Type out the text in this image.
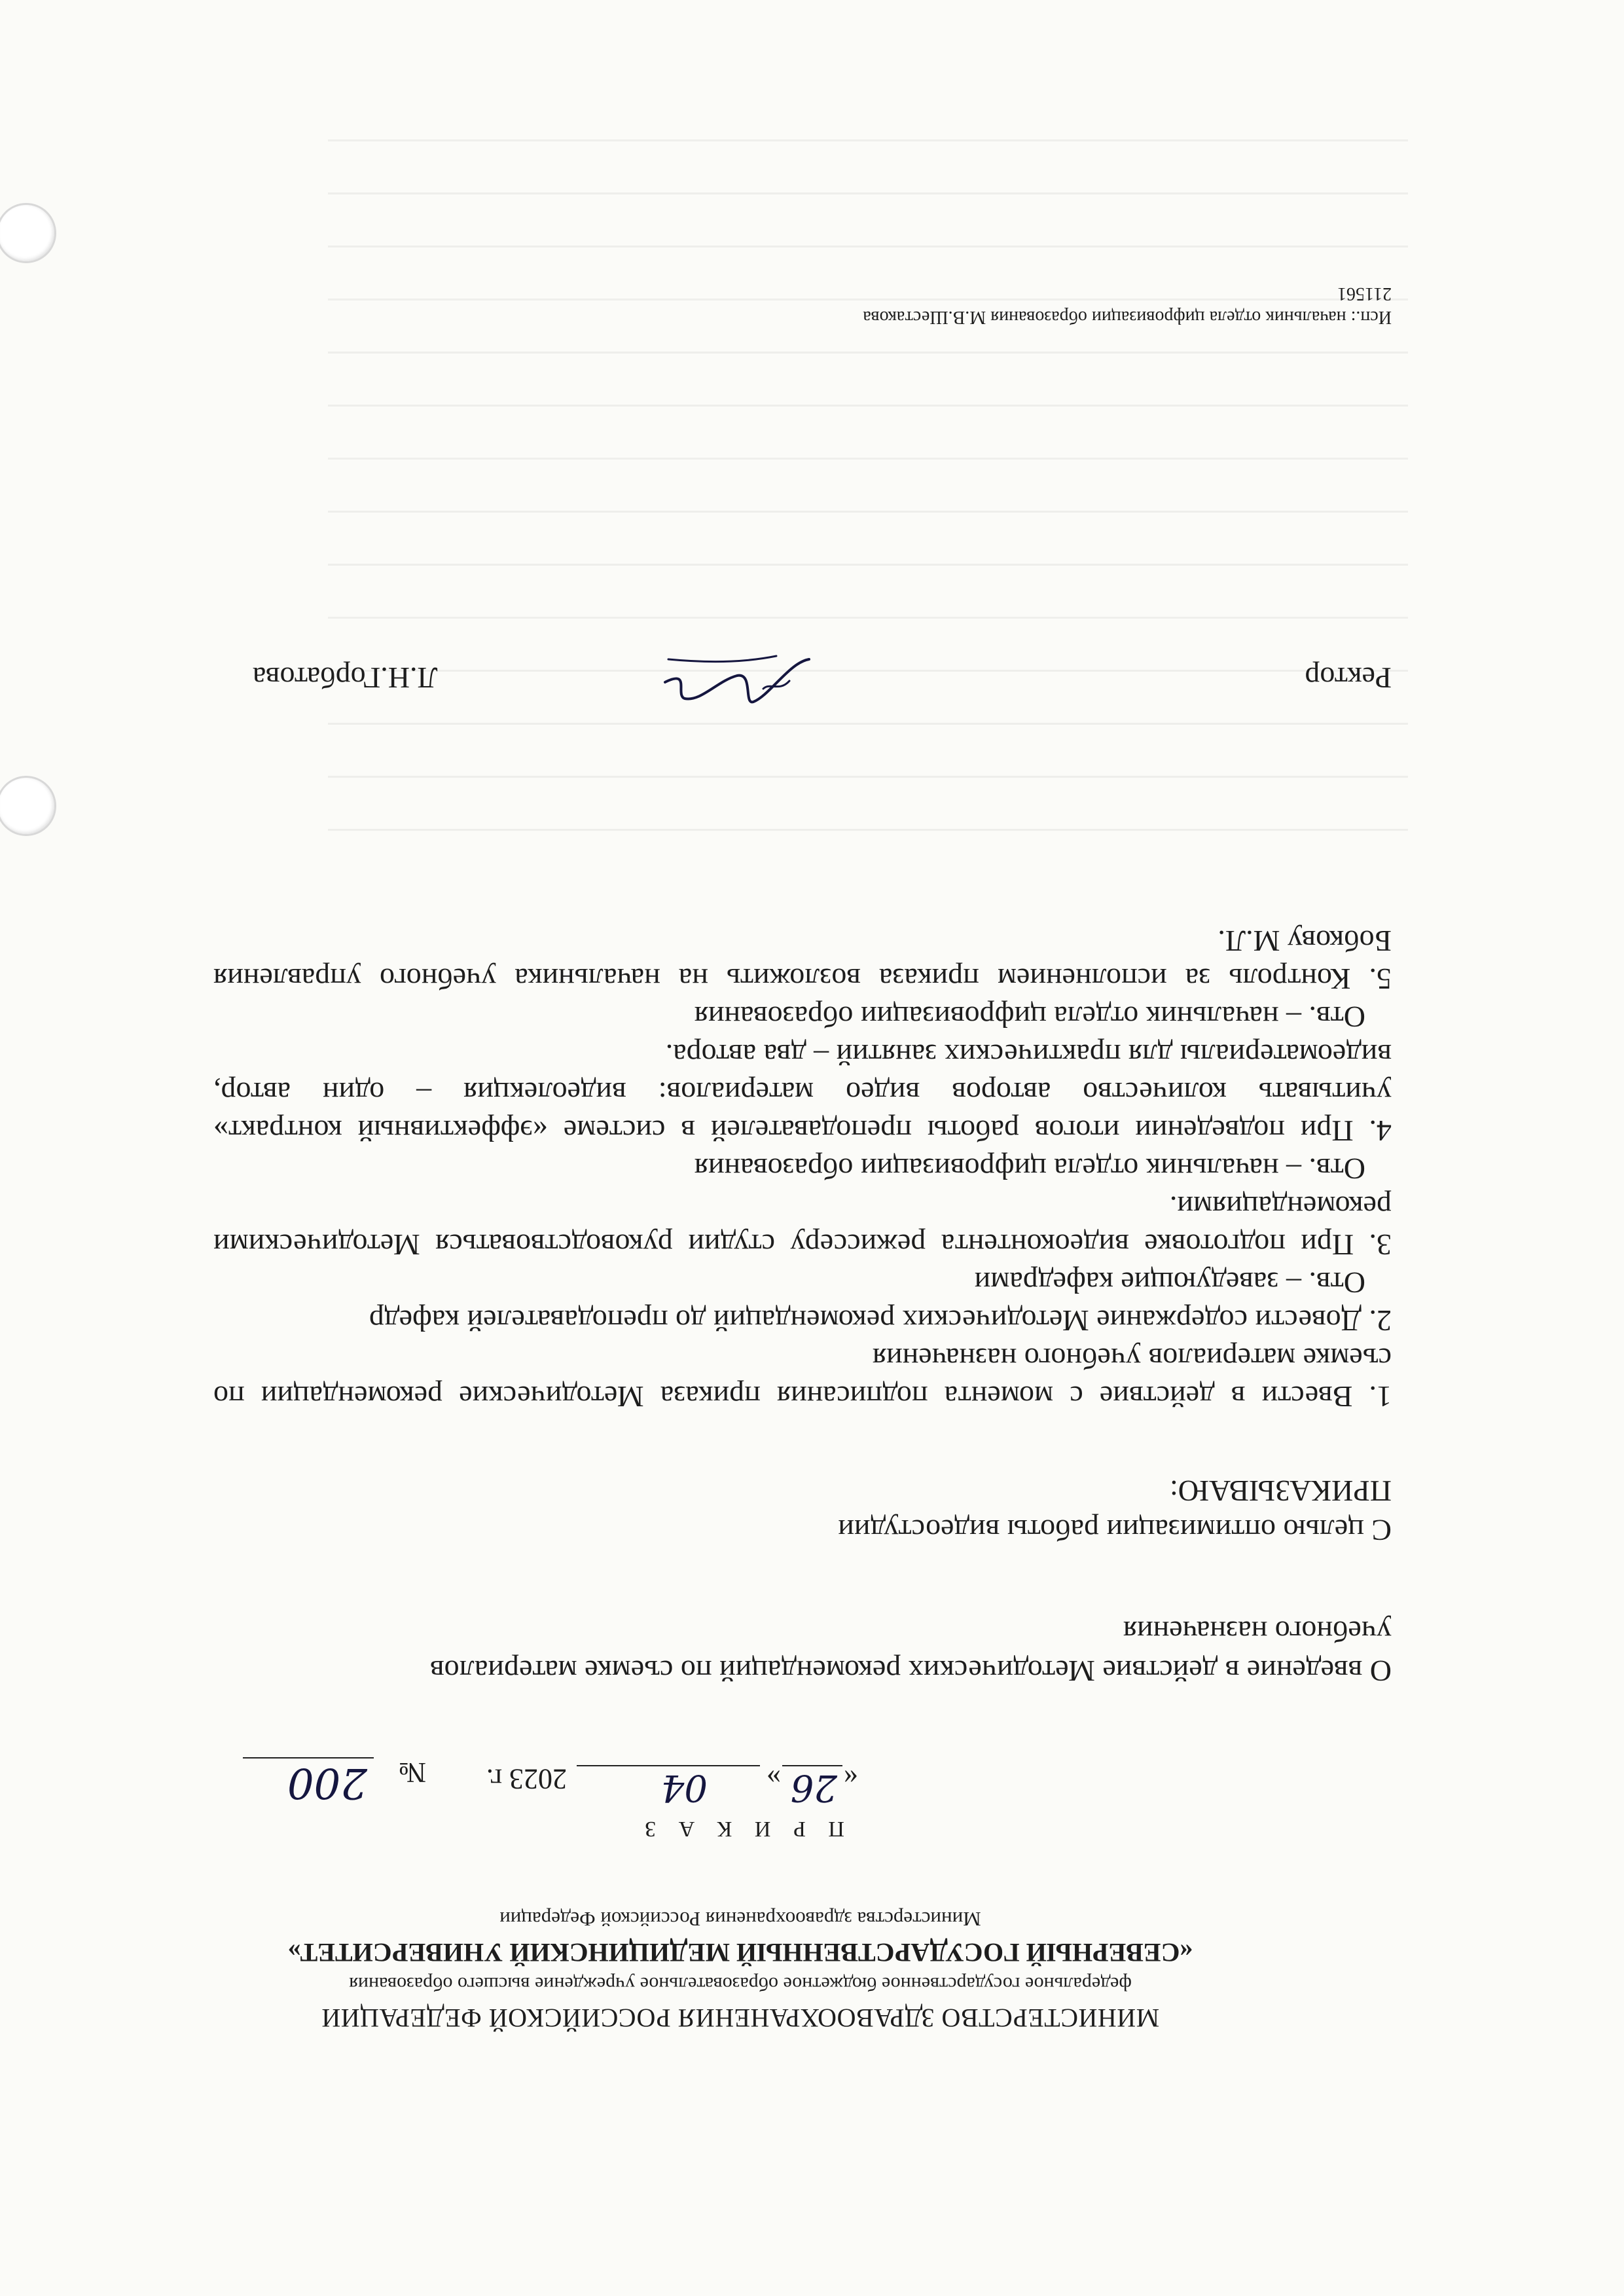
МИНИСТЕРСТВО ЗДРАВООХРАНЕНИЯ РОССИЙСКОЙ ФЕДЕРАЦИИ
федеральное государственное бюджетное образовательное учреждение высшего образования
«СЕВЕРНЫЙ ГОСУДАРСТВЕННЫЙ МЕДИЦИНСКИЙ УНИВЕРСИТЕТ»
Министерства здравоохранения Российской Федерации
П Р И К А З
«
26
»
04
2023 г.
№
200
О введение в действие Методических рекомендаций по съемке материалов
учебного назначения
С целью оптимизации работы видеостудии
ПРИКАЗЫВАЮ:
1. Ввести в действие с момента подписания приказа Методические рекомендации по съемке материалов учебного назначения
2. Довести содержание Методических рекомендаций до преподавателей кафедр
Отв. – заведующие кафедрами
3. При подготовке видеоконтента режиссеру студии руководствоваться Методическими рекомендациями.
Отв. – начальник отдела цифровизации образования
4. При подведении итогов работы преподавателей в системе «эффективный контракт» учитывать количество авторов видео материалов: видеолекция – один автор, видеоматериалы для практических занятий – два автора.
Отв. – начальник отдела цифровизации образования
5. Контроль за исполнением приказа возложить на начальника учебного управления Бобкову М.Л.
Ректор
Л.Н.Горбатова
Исп.: начальник отдела цифровизации образования М.В.Шестакова
211561
